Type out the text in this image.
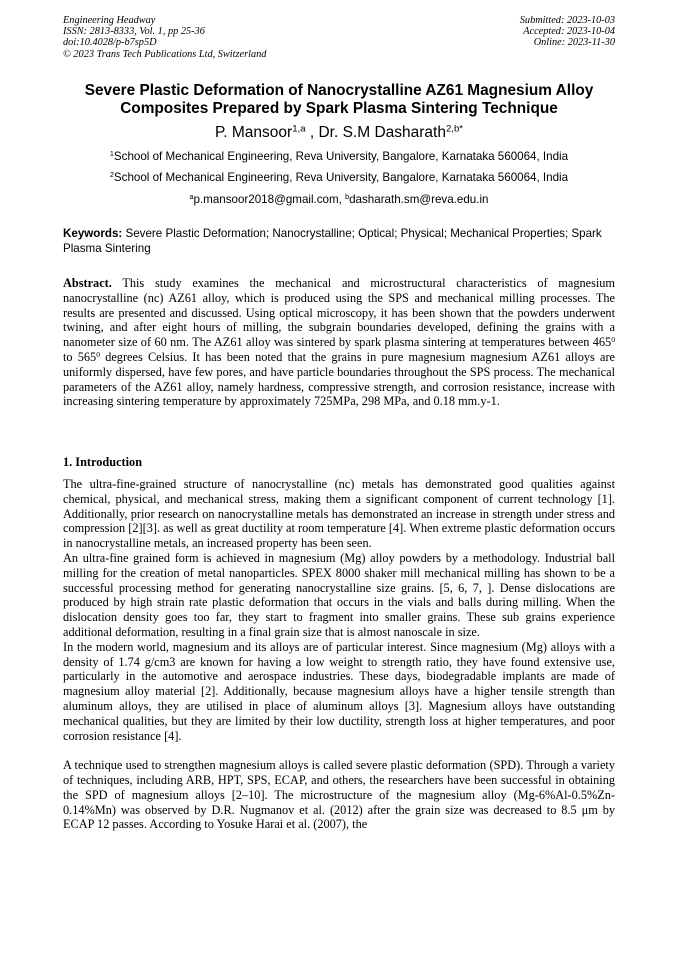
Engineering Headway
ISSN: 2813-8333, Vol. 1, pp 25-36
doi:10.4028/p-b7sp5D
© 2023 Trans Tech Publications Ltd, Switzerland
Submitted: 2023-10-03
Accepted: 2023-10-04
Online: 2023-11-30
Severe Plastic Deformation of Nanocrystalline AZ61 Magnesium Alloy
Composites Prepared by Spark Plasma Sintering Technique
P. Mansoor$^{1,a}$ , Dr. S.M Dasharath$^{2,b*}$
$^1$School of Mechanical Engineering, Reva University, Bangalore, Karnataka 560064, India
$^2$School of Mechanical Engineering, Reva University, Bangalore, Karnataka 560064, India
$^a$p.mansoor2018@gmail.com, $^b$dasharath.sm@reva.edu.in
Keywords: Severe Plastic Deformation; Nanocrystalline; Optical; Physical; Mechanical Properties; Spark Plasma Sintering

Abstract. This study examines the mechanical and microstructural characteristics of magnesium nanocrystalline (nc) AZ61 alloy, which is produced using the SPS and mechanical milling processes. The results are presented and discussed. Using optical microscopy, it has been shown that the powders underwent twining, and after eight hours of milling, the subgrain boundaries developed, defining the grains with a nanometer size of 60 nm. The AZ61 alloy was sintered by spark plasma sintering at temperatures between $465^0$ to $565^0$ degrees Celsius. It has been noted that the grains in pure magnesium magnesium AZ61 alloys are uniformly dispersed, have few pores, and have particle boundaries throughout the SPS process. The mechanical parameters of the AZ61 alloy, namely hardness, compressive strength, and corrosion resistance, increase with increasing sintering temperature by approximately 725MPa, 298 MPa, and 0.18 mm.y-1.

1. Introduction

The ultra-fine-grained structure of nanocrystalline (nc) metals has demonstrated good qualities against chemical, physical, and mechanical stress, making them a significant component of current technology [1]. Additionally, prior research on nanocrystalline metals has demonstrated an increase in strength under stress and compression [2][3]. as well as great ductility at room temperature [4]. When extreme plastic deformation occurs in nanocrystalline metals, an increased property has been seen.

An ultra-fine grained form is achieved in magnesium (Mg) alloy powders by a methodology. Industrial ball milling for the creation of metal nanoparticles. SPEX 8000 shaker mill mechanical milling has shown to be a successful processing method for generating nanocrystalline size grains. [5, 6, 7, ]. Dense dislocations are produced by high strain rate plastic deformation that occurs in the vials and balls during milling. When the dislocation density goes too far, they start to fragment into smaller grains. These sub grains experience additional deformation, resulting in a final grain size that is almost nanoscale in size.

In the modern world, magnesium and its alloys are of particular interest. Since magnesium (Mg) alloys with a density of 1.74 g/cm3 are known for having a low weight to strength ratio, they have found extensive use, particularly in the automotive and aerospace industries. These days, biodegradable implants are made of magnesium alloy material [2]. Additionally, because magnesium alloys have a higher tensile strength than aluminum alloys, they are utilised in place of aluminum alloys [3]. Magnesium alloys have outstanding mechanical qualities, but they are limited by their low ductility, strength loss at higher temperatures, and poor corrosion resistance [4].

A technique used to strengthen magnesium alloys is called severe plastic deformation (SPD). Through a variety of techniques, including ARB, HPT, SPS, ECAP, and others, the researchers have been successful in obtaining the SPD of magnesium alloys [2–10]. The microstructure of the magnesium alloy (Mg-6%Al-0.5%Zn-0.14%Mn) was observed by D.R. Nugmanov et al. (2012) after the grain size was decreased to 8.5 μm by ECAP 12 passes. According to Yosuke Harai et al. (2007), the
